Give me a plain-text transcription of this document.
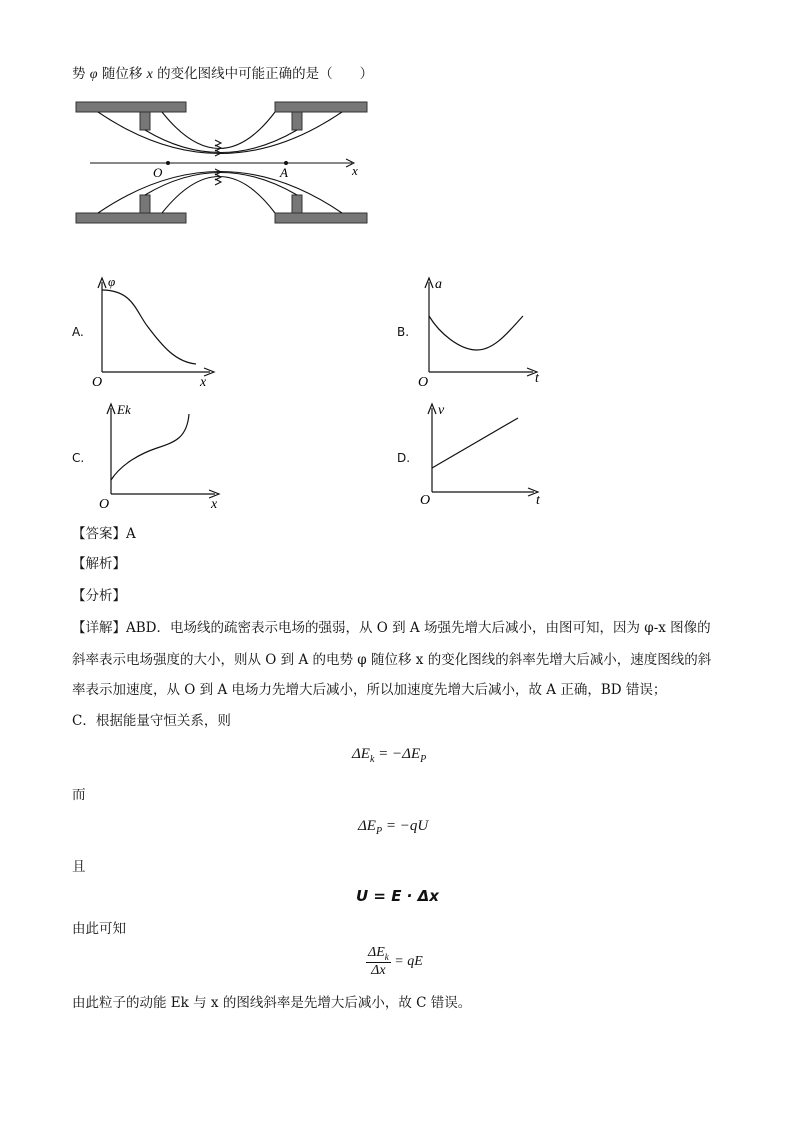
势 φ 随位移 x 的变化图线中可能正确的是（　　）
O	A	x
A.
φ
O	x
B.
a
O	t
C.
Ek
O	x
D.
v
O	t
【答案】A
【解析】
【分析】
【详解】ABD．电场线的疏密表示电场的强弱，从 O 到 A 场强先增大后减小，由图可知，因为 φ-x 图像的
斜率表示电场强度的大小，则从 O 到 A 的电势 φ 随位移 x 的变化图线的斜率先增大后减小，速度图线的斜
率表示加速度，从 O 到 A 电场力先增大后减小，所以加速度先增大后减小，故 A 正确，BD 错误；
C．根据能量守恒关系，则
$\Delta E_k = -\Delta E_P$
而
$\Delta E_P = -qU$
且
U = E · Δx
由此可知
$\Delta E_k$
Δx
= qE
由此粒子的动能 Ek 与 x 的图线斜率是先增大后减小，故 C 错误。
